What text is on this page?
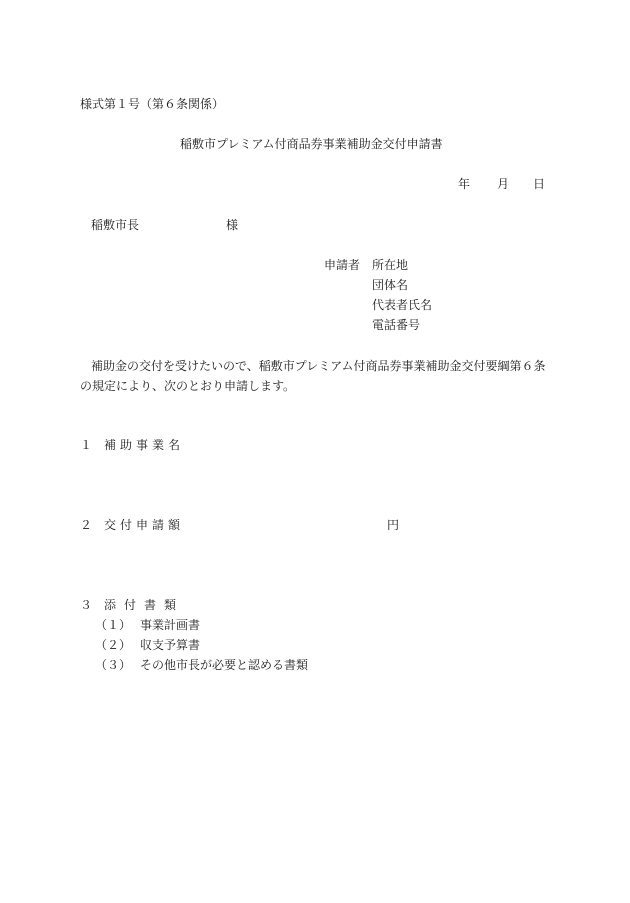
様式第１号（第６条関係）
稲敷市プレミアム付商品券事業補助金交付申請書
年 月 日
稲敷市長	様
申請者 所在地
団体名
代表者氏名
電話番号
補助金の交付を受けたいので、稲敷市プレミアム付商品券事業補助金交付要綱第６条
の規定により、次のとおり申請します。
１ 補助事業名
２ 交付申請額	円
３ 添付書類
（１） 事業計画書
（２） 収支予算書
（３） その他市長が必要と認める書類
